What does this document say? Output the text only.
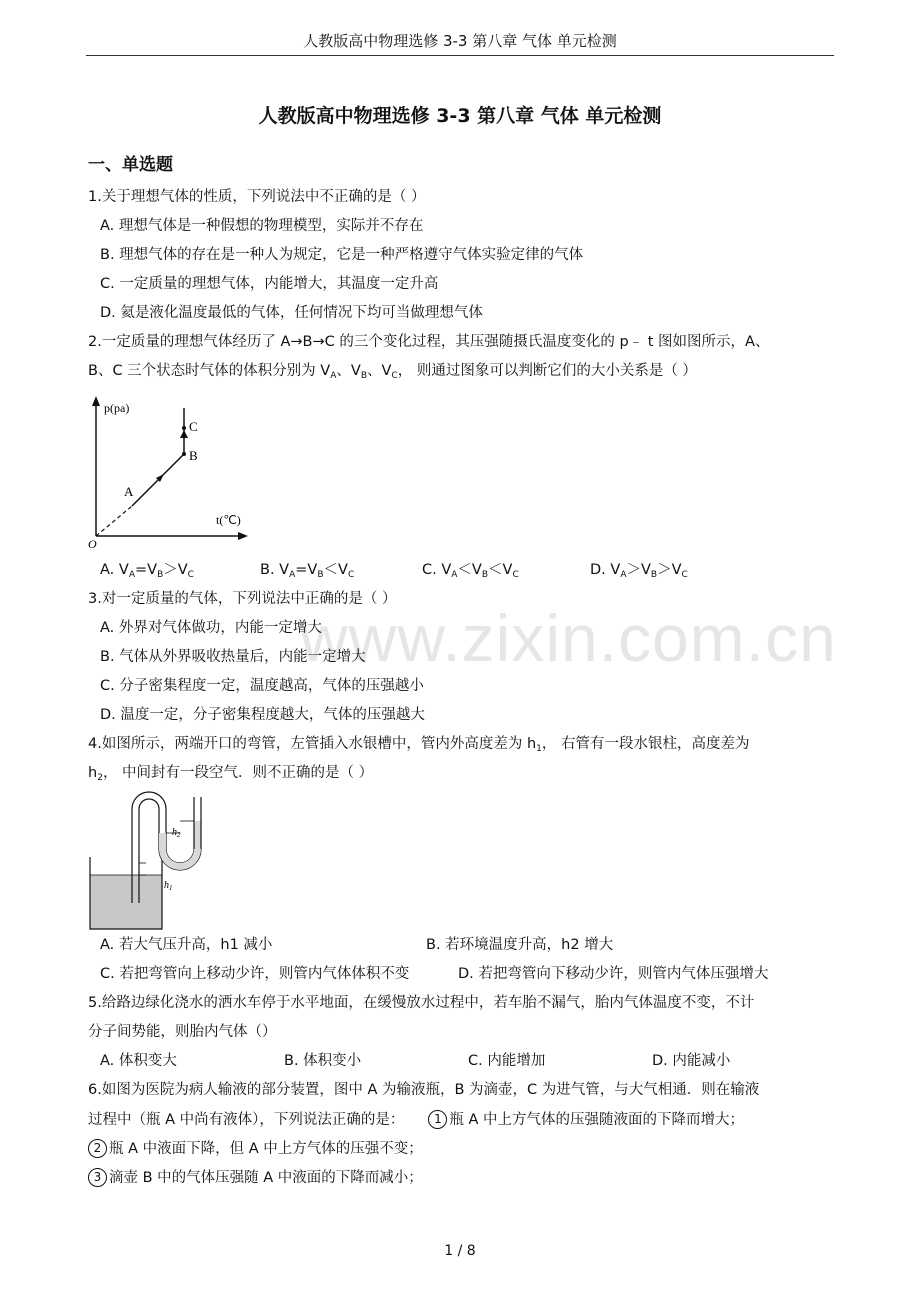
人教版高中物理选修 3-3 第八章 气体 单元检测
www.zixin.com.cn
人教版高中物理选修 3-3 第八章 气体 单元检测
一、单选题
1.关于理想气体的性质，下列说法中不正确的是（ ）
A. 理想气体是一种假想的物理模型，实际并不存在
B. 理想气体的存在是一种人为规定，它是一种严格遵守气体实验定律的气体
C. 一定质量的理想气体，内能增大，其温度一定升高
D. 氦是液化温度最低的气体，任何情况下均可当做理想气体
2.一定质量的理想气体经历了 A→B→C 的三个变化过程，其压强随摄氏温度变化的 p﹣ t 图如图所示，A、
B、C 三个状态时气体的体积分别为 $V_A$、$V_B$、$V_C$， 则通过图象可以判断它们的大小关系是（ ）
p(pa)
t(℃)
O
A
B
C
A. $V_A=V_B>V_C$	B. $V_A=V_B<V_C$	C. $V_A<V_B<V_C$	D. $V_A>V_B>V_C$
3.对一定质量的气体，下列说法中正确的是（ ）
A. 外界对气体做功，内能一定增大
B. 气体从外界吸收热量后，内能一定增大
C. 分子密集程度一定，温度越高，气体的压强越小
D. 温度一定，分子密集程度越大，气体的压强越大
4.如图所示，两端开口的弯管，左管插入水银槽中，管内外高度差为 $h_1$， 右管有一段水银柱，高度差为
$h_2$， 中间封有一段空气．则不正确的是（ ）
$h_2$
$h_1$
A. 若大气压升高，h1 减小	B. 若环境温度升高，h2 增大
C. 若把弯管向上移动少许，则管内气体体积不变	D. 若把弯管向下移动少许，则管内气体压强增大
5.给路边绿化浇水的洒水车停于水平地面，在缓慢放水过程中，若车胎不漏气，胎内气体温度不变，不计
分子间势能，则胎内气体（）
A. 体积变大	B. 体积变小	C. 内能增加	D. 内能减小
6.如图为医院为病人输液的部分装置，图中 A 为输液瓶，B 为滴壶，C 为进气管，与大气相通．则在输液
过程中（瓶 A 中尚有液体），下列说法正确的是： 1 瓶 A 中上方气体的压强随液面的下降而增大；
2 瓶 A 中液面下降，但 A 中上方气体的压强不变；
3 滴壶 B 中的气体压强随 A 中液面的下降而减小；
1 / 8
